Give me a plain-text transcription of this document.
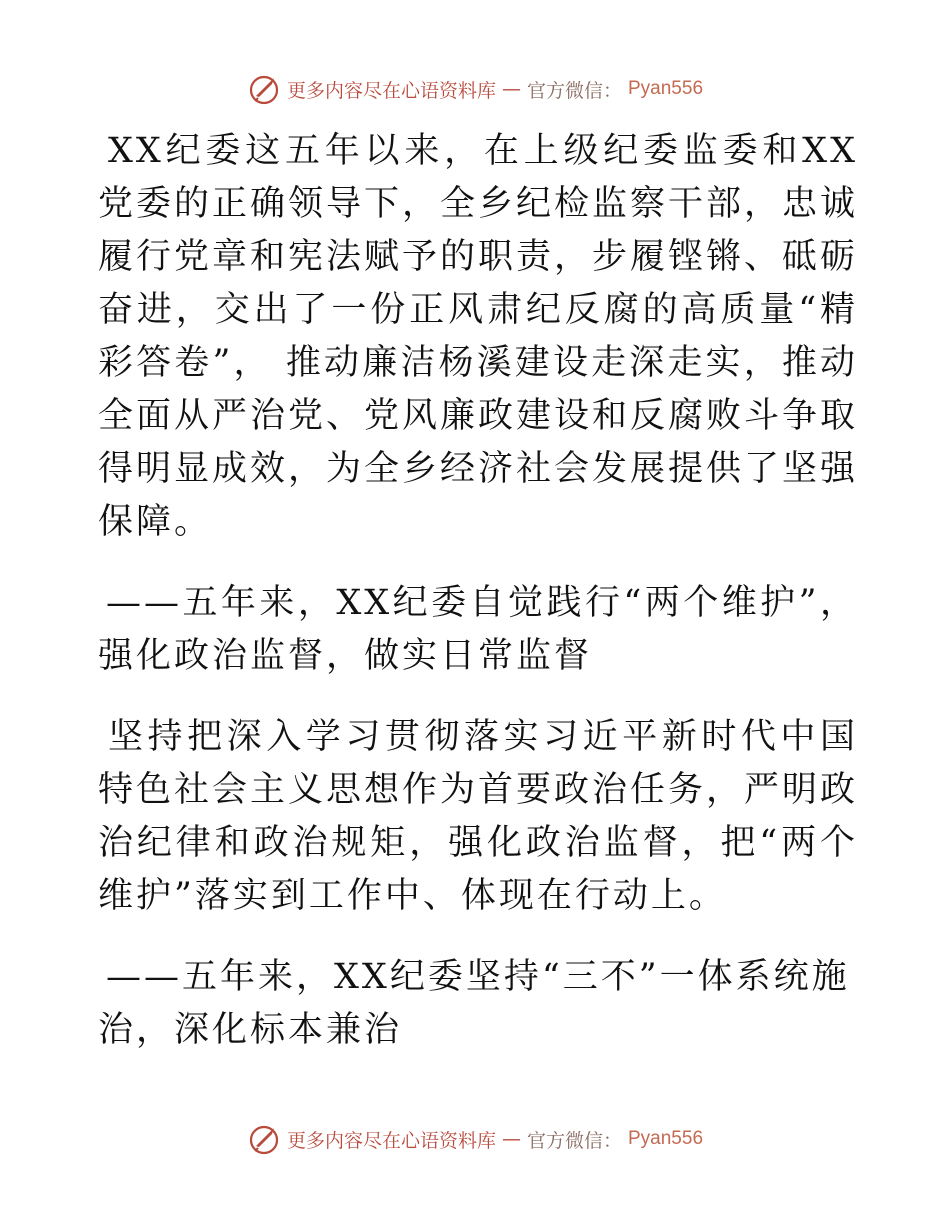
更多内容尽在心语资料库 — 官方微信： Pyan556

XX纪委这五年以来，在上级纪委监委和XX党委的正确领导下，全乡纪检监察干部，忠诚履行党章和宪法赋予的职责，步履铿锵、砥砺奋进，交出了一份正风肃纪反腐的高质量“精彩答卷”， 推动廉洁杨溪建设走深走实，推动全面从严治党、党风廉政建设和反腐败斗争取得明显成效，为全乡经济社会发展提供了坚强保障。

——五年来，XX纪委自觉践行“两个维护”， 强化政治监督，做实日常监督

坚持把深入学习贯彻落实习近平新时代中国特色社会主义思想作为首要政治任务，严明政治纪律和政治规矩，强化政治监督，把“两个维护”落实到工作中、体现在行动上。

——五年来，XX纪委坚持“三不”一体系统施

治，深化标本兼治

更多内容尽在心语资料库 — 官方微信： Pyan556
